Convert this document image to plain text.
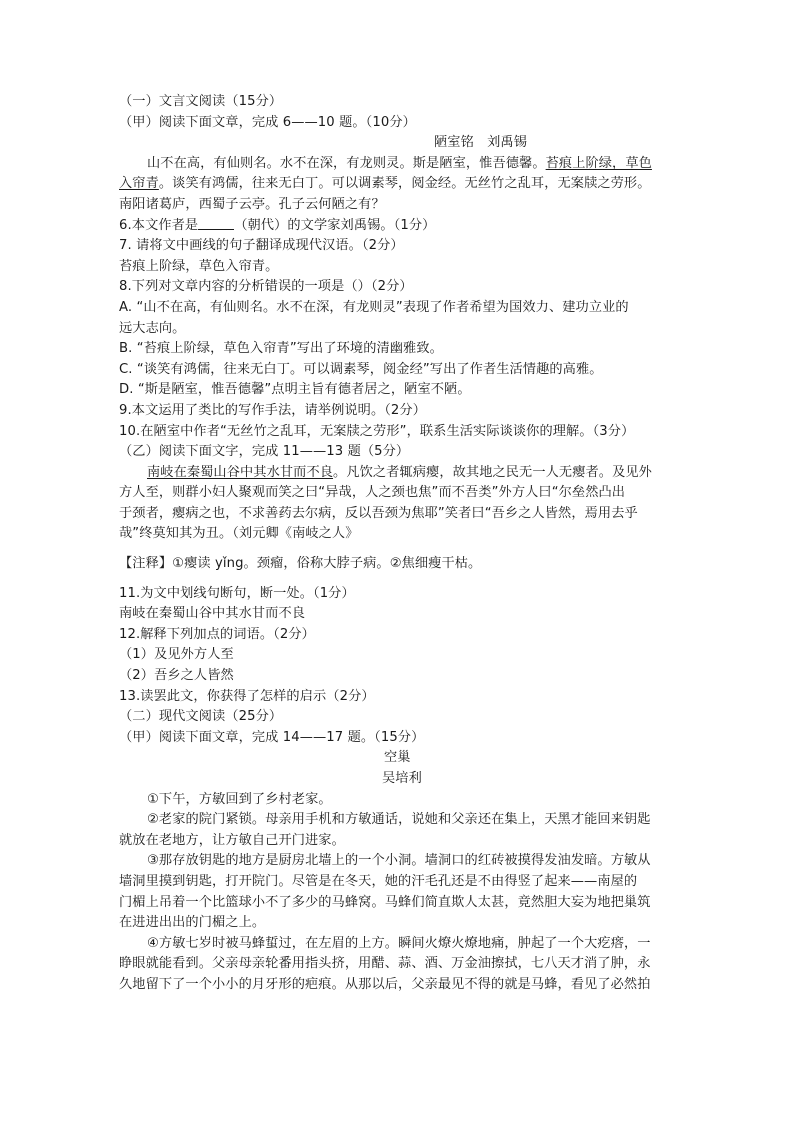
（一）文言文阅读（15分）
（甲）阅读下面文章，完成 6——10 题。（10分）
陋室铭　刘禹锡
山不在高，有仙则名。水不在深，有龙则灵。斯是陋室，惟吾德馨。苔痕上阶绿，草色
入帘青。谈笑有鸿儒，往来无白丁。可以调素琴，阅金经。无丝竹之乱耳，无案牍之劳形。
南阳诸葛庐，西蜀子云亭。孔子云何陋之有？
6.本文作者是	（朝代）的文学家刘禹锡。（1分）
7. 请将文中画线的句子翻译成现代汉语。（2分）
苔痕上阶绿，草色入帘青。
8.下列对文章内容的分析错误的一项是（）（2分）
A. “山不在高，有仙则名。水不在深，有龙则灵”表现了作者希望为国效力、建功立业的
远大志向。
B. “苔痕上阶绿，草色入帘青”写出了环境的清幽雅致。
C. “谈笑有鸿儒，往来无白丁。可以调素琴，阅金经”写出了作者生活情趣的高雅。
D. “斯是陋室，惟吾德馨”点明主旨有德者居之，陋室不陋。
9.本文运用了类比的写作手法，请举例说明。（2分）
10.在陋室中作者“无丝竹之乱耳，无案牍之劳形”，联系生活实际谈谈你的理解。（3分）
（乙）阅读下面文字，完成 11——13 题（5分）
南岐在秦蜀山谷中其水甘而不良。凡饮之者辄病瘿，故其地之民无一人无瘿者。及见外
方人至，则群小妇人聚观而笑之曰“异哉，人之颈也焦”而不吾类”外方人曰“尔垒然凸出
于颈者，瘿病之也，不求善药去尔病，反以吾颈为焦耶”笑者曰“吾乡之人皆然，焉用去乎
哉”终莫知其为丑。（刘元卿《南岐之人》
【注释】①瘿读 yǐng。颈瘤，俗称大脖子病。②焦细瘦干枯。
11.为文中划线句断句，断一处。（1分）
南岐在秦蜀山谷中其水甘而不良
12.解释下列加点的词语。（2分）
（1）及见外方人至
（2）吾乡之人皆然
13.读罢此文，你获得了怎样的启示（2分）
（二）现代文阅读（25分）
（甲）阅读下面文章，完成 14——17 题。（15分）
空巢
吴培利
①下午，方敏回到了乡村老家。
②老家的院门紧锁。母亲用手机和方敏通话，说她和父亲还在集上，天黑才能回来钥匙
就放在老地方，让方敏自己开门进家。
③那存放钥匙的地方是厨房北墙上的一个小洞。墙洞口的红砖被摸得发油发暗。方敏从
墙洞里摸到钥匙，打开院门。尽管是在冬天，她的汗毛孔还是不由得竖了起来——南屋的
门楣上吊着一个比篮球小不了多少的马蜂窝。马蜂们简直欺人太甚，竟然胆大妄为地把巢筑
在进进出出的门楣之上。
④方敏七岁时被马蜂蜇过，在左眉的上方。瞬间火燎火燎地痛，肿起了一个大疙瘩，一
睁眼就能看到。父亲母亲轮番用指头挤，用醋、蒜、酒、万金油擦拭，七八天才消了肿，永
久地留下了一个小小的月牙形的疤痕。从那以后，父亲最见不得的就是马蜂，看见了必然拍
